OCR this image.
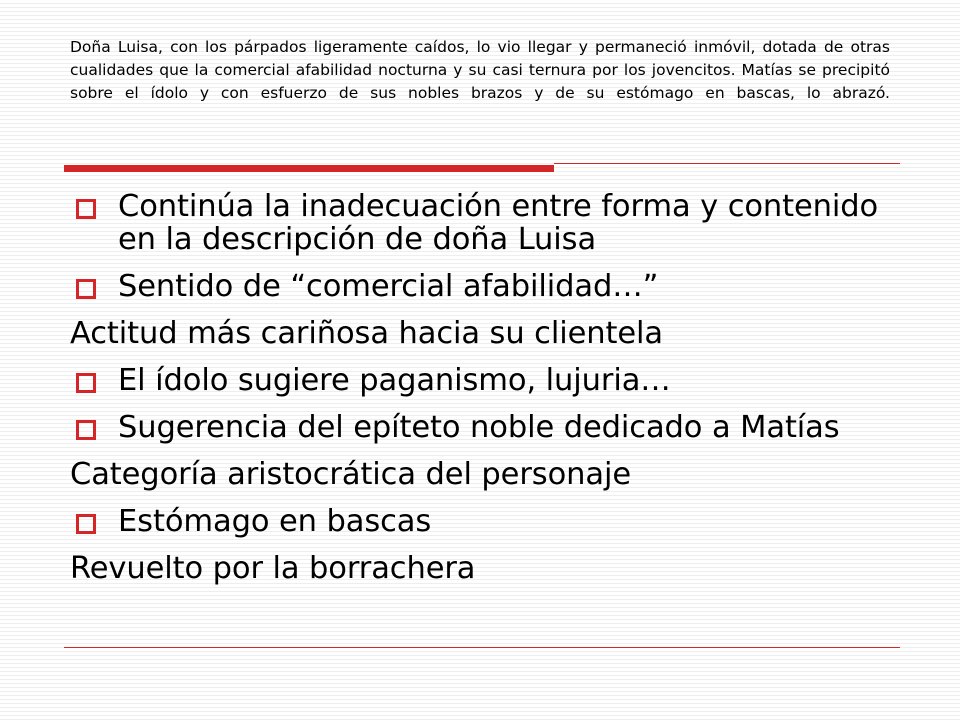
Doña Luisa, con los párpados ligeramente caídos, lo vio llegar y permaneció inmóvil, dotada de otras cualidades que la comercial afabilidad nocturna y su casi ternura por los jovencitos. Matías se precipitó sobre el ídolo y con esfuerzo de sus nobles brazos y de su estómago en bascas, lo abrazó.

Continúa la inadecuación entre forma y contenido en la descripción de doña Luisa
Sentido de “comercial afabilidad…”
Actitud más cariñosa hacia su clientela
El ídolo sugiere paganismo, lujuria…
Sugerencia del epíteto noble dedicado a Matías
Categoría aristocrática del personaje
Estómago en bascas
Revuelto por la borrachera
